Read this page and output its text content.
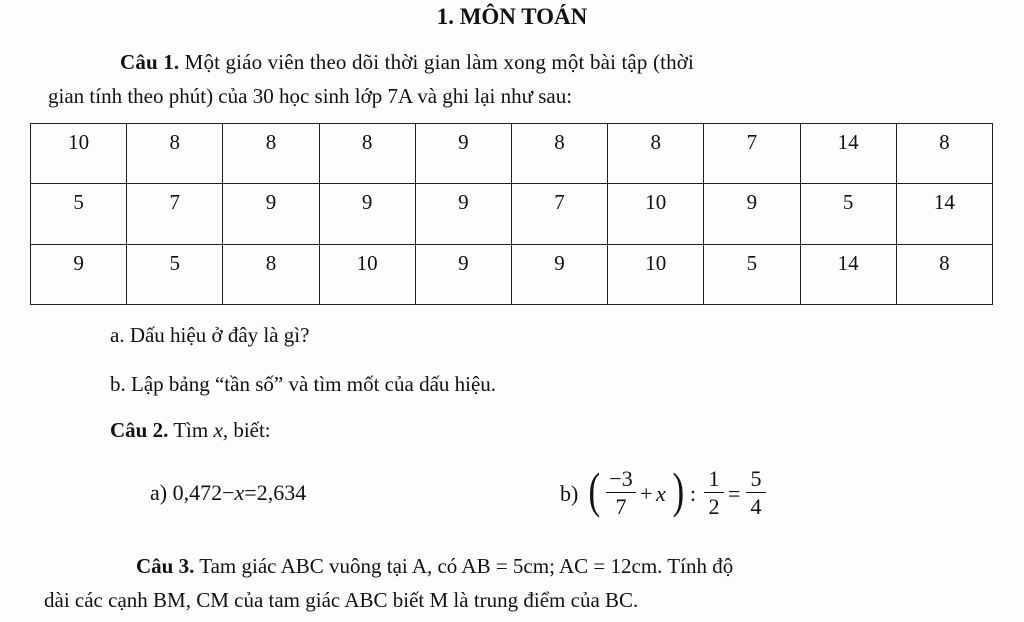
1. MÔN TOÁN
Câu 1. Một giáo viên theo dõi thời gian làm xong một bài tập (thời
gian tính theo phút) của 30 học sinh lớp 7A và ghi lại như sau:
10	8	8	8	9	8	8	7	14	8
5	7	9	9	9	7	10	9	5	14
9	5	8	10	9	9	10	5	14	8
a. Dấu hiệu ở đây là gì?
b. Lập bảng “tần số” và tìm mốt của dấu hiệu.
Câu 2. Tìm x, biết:
a) 0,472−x=2,634	b) ( $\frac{-3}{7} + x$ ) : $\frac{1}{2} = \frac{5}{4}$
Câu 3. Tam giác ABC vuông tại A, có AB = 5cm; AC = 12cm. Tính độ
dài các cạnh BM, CM của tam giác ABC biết M là trung điểm của BC.
